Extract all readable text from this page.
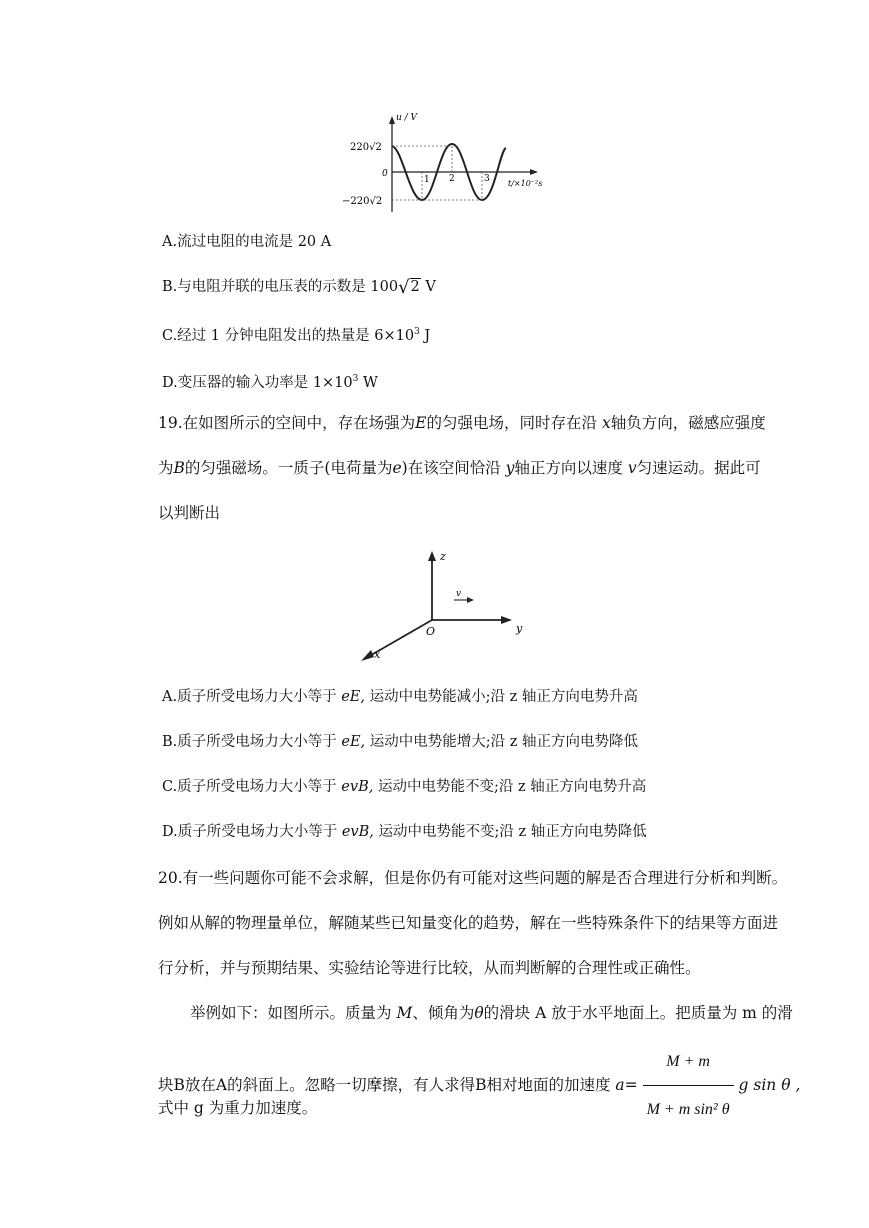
u / V
220√2
0
−220√2
1 2	3 t/×10⁻²s
A.流过电阻的电流是 20 A
B.与电阻并联的电压表的示数是 100√2 V
C.经过 1 分钟电阻发出的热量是 $6\times 10^3$ J
D.变压器的输入功率是 $1\times 10^3$ W
19.在如图所示的空间中，存在场强为E的匀强电场，同时存在沿 x轴负方向，磁感应强度
为B的匀强磁场。一质子(电荷量为e)在该空间恰沿 y轴正方向以速度 v匀速运动。据此可
以判断出
z
v
y
O
x
A.质子所受电场力大小等于 eE, 运动中电势能减小;沿 z 轴正方向电势升高
B.质子所受电场力大小等于 eE, 运动中电势能增大;沿 z 轴正方向电势降低
C.质子所受电场力大小等于 evB, 运动中电势能不变;沿 z 轴正方向电势升高
D.质子所受电场力大小等于 evB, 运动中电势能不变;沿 z 轴正方向电势降低
20.有一些问题你可能不会求解，但是你仍有可能对这些问题的解是否合理进行分析和判断。
例如从解的物理量单位，解随某些已知量变化的趋势，解在一些特殊条件下的结果等方面进
行分析，并与预期结果、实验结论等进行比较，从而判断解的合理性或正确性。
举例如下：如图所示。质量为 M、倾角为θ的滑块 A 放于水平地面上。把质量为 m 的滑
块B放在A的斜面上。忽略一切摩擦，有人求得B相对地面的加速度 $a= \frac{M + m}{\text{M + m sin² θ}}$ g sin θ ,
式中 g 为重力加速度。
